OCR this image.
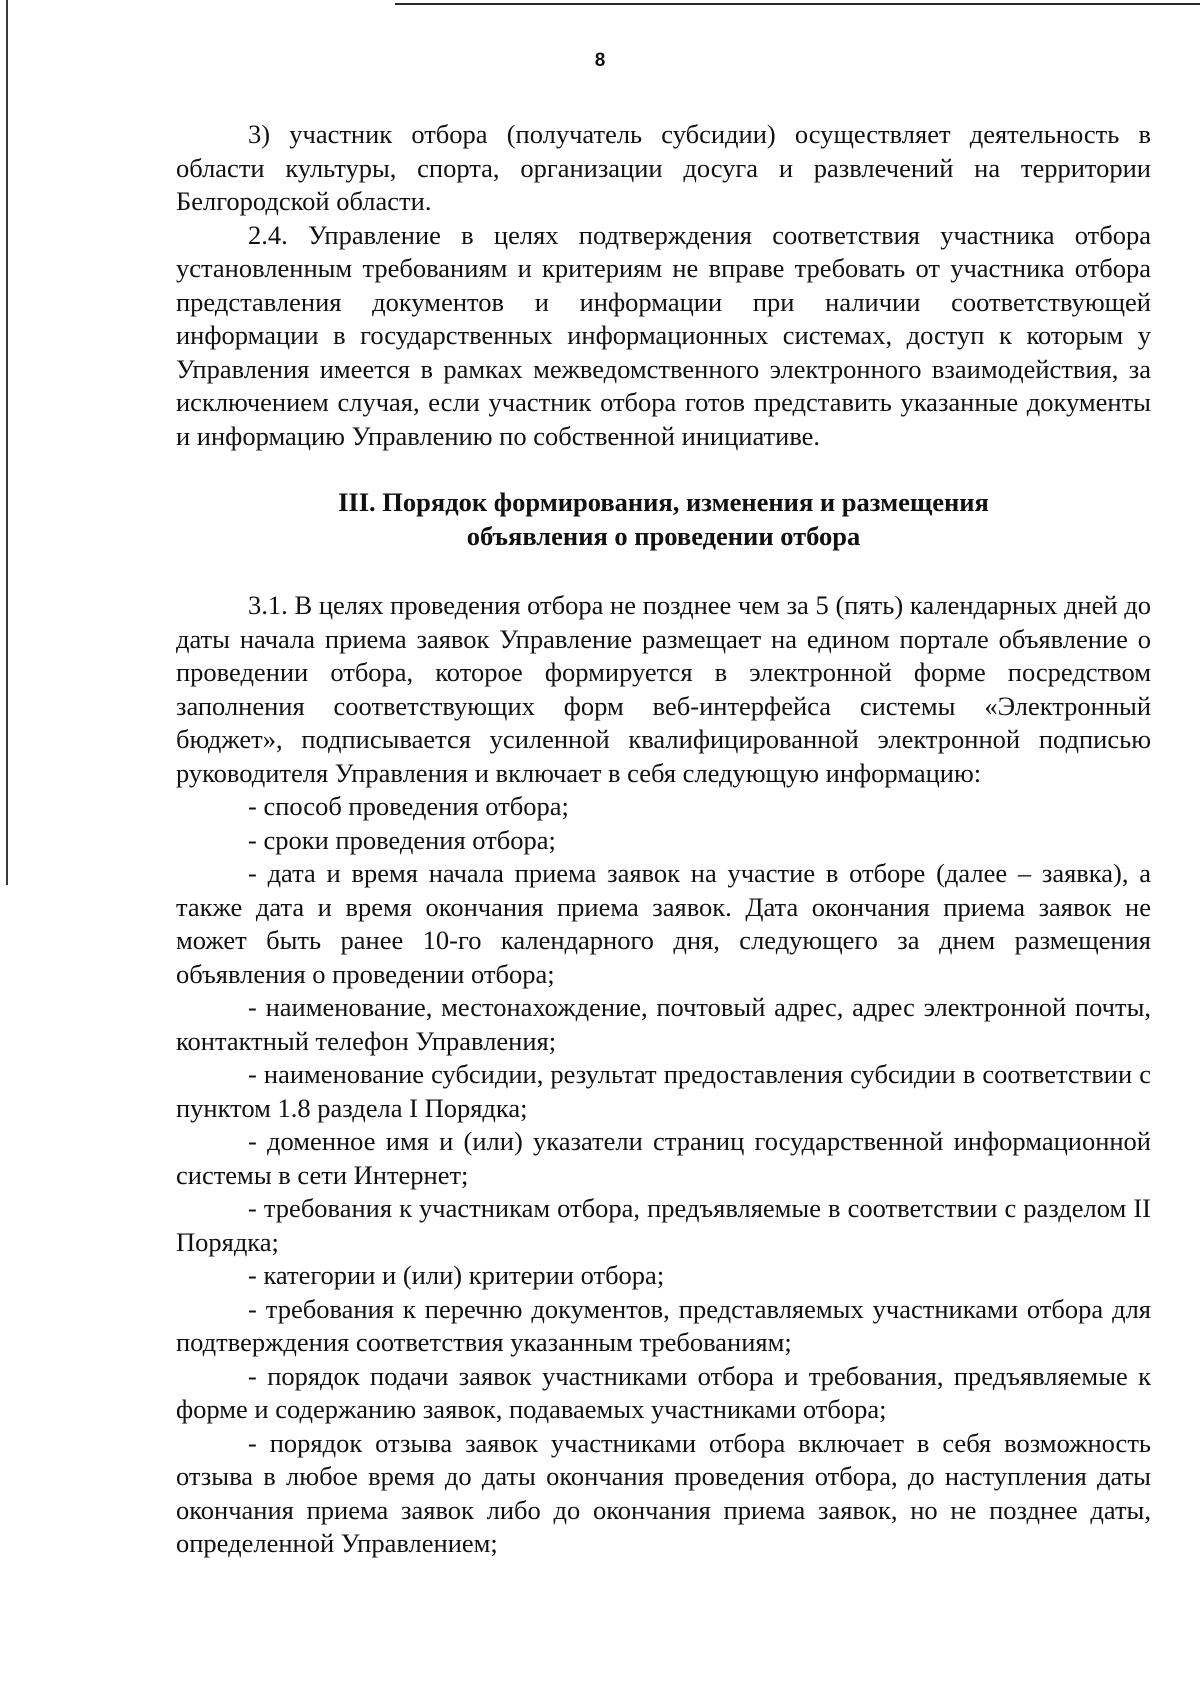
8

3) участник отбора (получатель субсидии) осуществляет деятельность в области культуры, спорта, организации досуга и развлечений на территории Белгородской области.

2.4. Управление в целях подтверждения соответствия участника отбора установленным требованиям и критериям не вправе требовать от участника отбора представления документов и информации при наличии соответствующей информации в государственных информационных системах, доступ к которым у Управления имеется в рамках межведомственного электронного взаимодействия, за исключением случая, если участник отбора готов представить указанные документы и информацию Управлению по собственной инициативе.

III. Порядок формирования, изменения и размещения

объявления о проведении отбора

3.1. В целях проведения отбора не позднее чем за 5 (пять) календарных дней до даты начала приема заявок Управление размещает на едином портале объявление о проведении отбора, которое формируется в электронной форме посредством заполнения соответствующих форм веб-интерфейса системы «Электронный бюджет», подписывается усиленной квалифицированной электронной подписью руководителя Управления и включает в себя следующую информацию:

- способ проведения отбора;

- сроки проведения отбора;

- дата и время начала приема заявок на участие в отборе (далее – заявка), а также дата и время окончания приема заявок. Дата окончания приема заявок не может быть ранее 10-го календарного дня, следующего за днем размещения объявления о проведении отбора;

- наименование, местонахождение, почтовый адрес, адрес электронной почты, контактный телефон Управления;

- наименование субсидии, результат предоставления субсидии в соответствии с пунктом 1.8 раздела I Порядка;

- доменное имя и (или) указатели страниц государственной информационной системы в сети Интернет;

- требования к участникам отбора, предъявляемые в соответствии с разделом II Порядка;

- категории и (или) критерии отбора;

- требования к перечню документов, представляемых участниками отбора для подтверждения соответствия указанным требованиям;

- порядок подачи заявок участниками отбора и требования, предъявляемые к форме и содержанию заявок, подаваемых участниками отбора;

- порядок отзыва заявок участниками отбора включает в себя возможность отзыва в любое время до даты окончания проведения отбора, до наступления даты окончания приема заявок либо до окончания приема заявок, но не позднее даты, определенной Управлением;
